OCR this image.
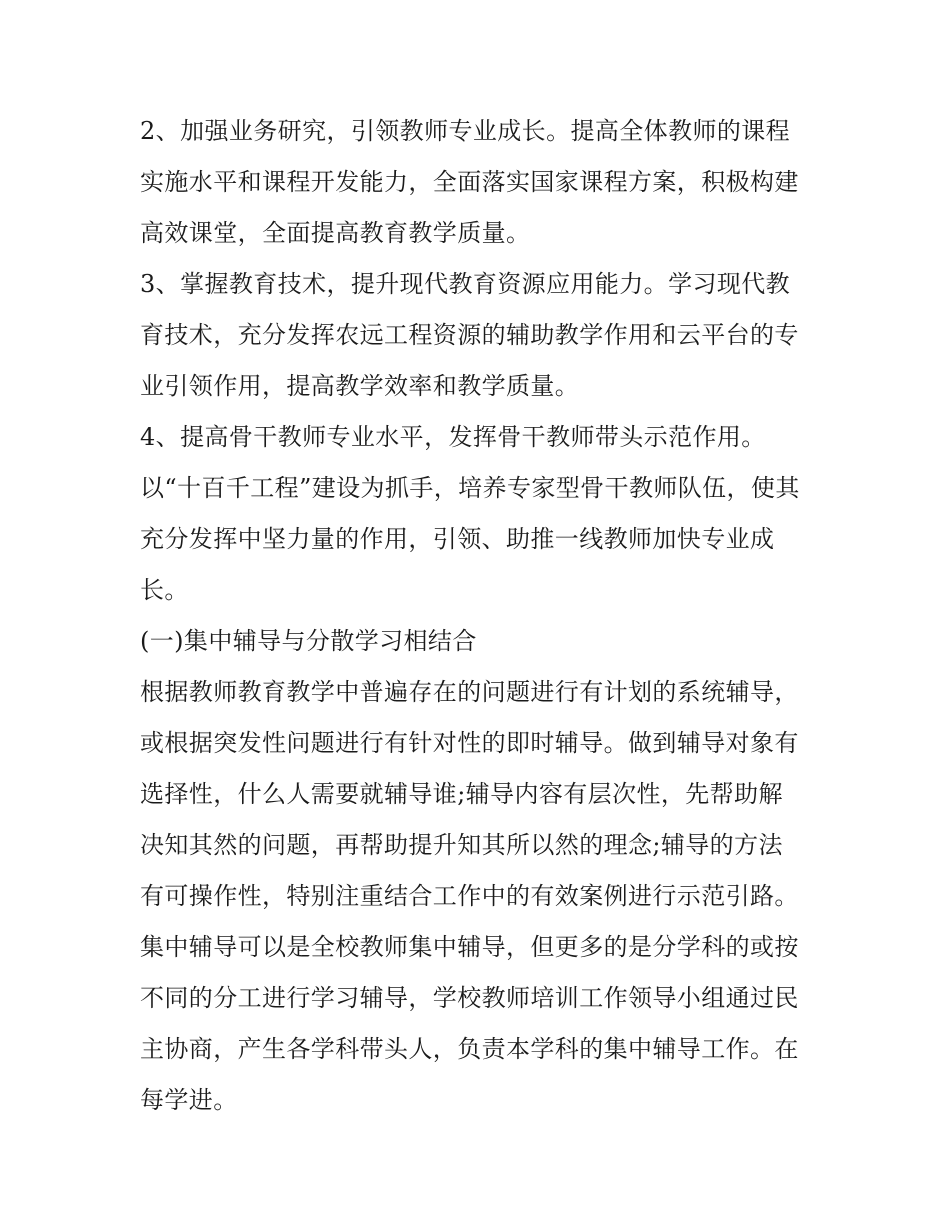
2、加强业务研究，引领教师专业成长。提高全体教师的课程
实施水平和课程开发能力，全面落实国家课程方案，积极构建
高效课堂，全面提高教育教学质量。
3、掌握教育技术，提升现代教育资源应用能力。学习现代教
育技术，充分发挥农远工程资源的辅助教学作用和云平台的专
业引领作用，提高教学效率和教学质量。
4、提高骨干教师专业水平，发挥骨干教师带头示范作用。
以“十百千工程”建设为抓手，培养专家型骨干教师队伍，使其
充分发挥中坚力量的作用，引领、助推一线教师加快专业成
长。
(一)集中辅导与分散学习相结合
根据教师教育教学中普遍存在的问题进行有计划的系统辅导，
或根据突发性问题进行有针对性的即时辅导。做到辅导对象有
选择性，什么人需要就辅导谁;辅导内容有层次性，先帮助解
决知其然的问题，再帮助提升知其所以然的理念;辅导的方法
有可操作性，特别注重结合工作中的有效案例进行示范引路。
集中辅导可以是全校教师集中辅导，但更多的是分学科的或按
不同的分工进行学习辅导，学校教师培训工作领导小组通过民
主协商，产生各学科带头人，负责本学科的集中辅导工作。在
每学进。
